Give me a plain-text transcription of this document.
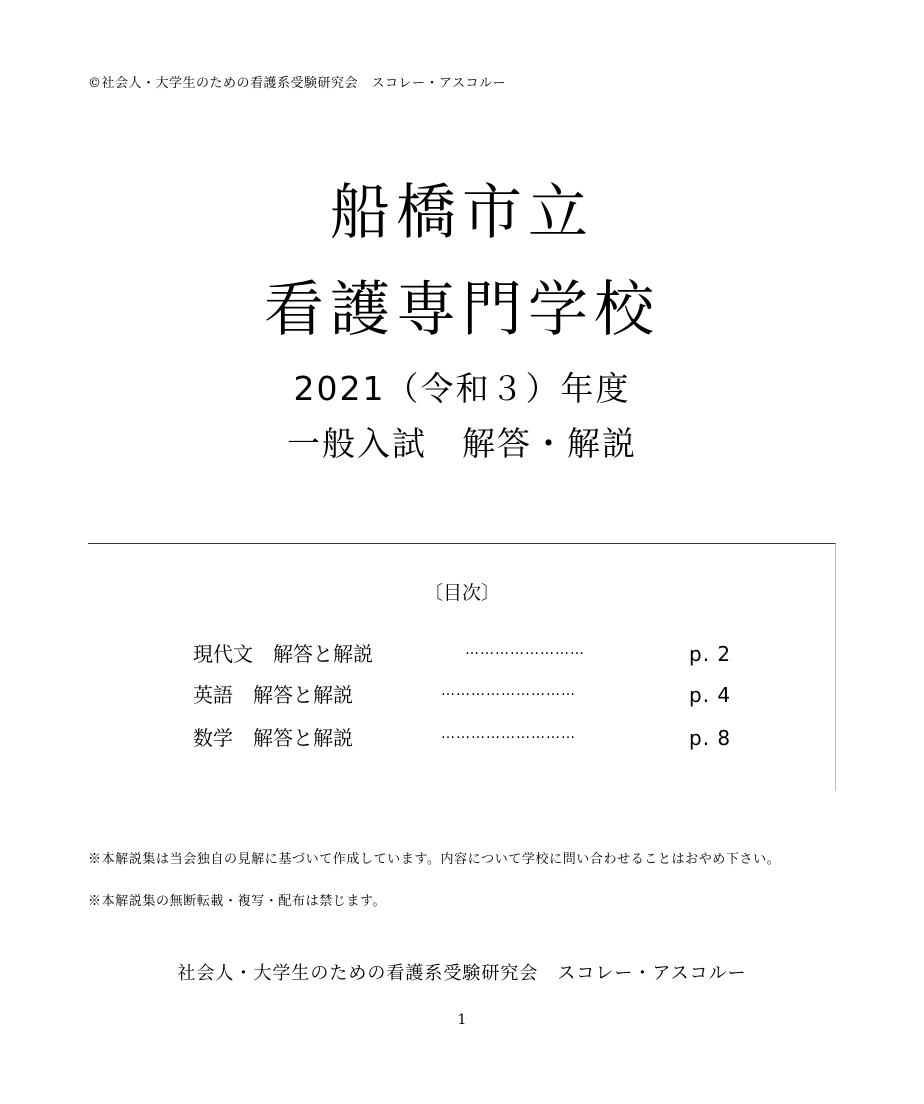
©社会人・大学生のための看護系受験研究会　スコレー・アスコルー
船橋市立
看護専門学校
2021（令和３）年度
一般入試　解答・解説
〔目次〕
現代文　解答と解説	……………………	p. 2
英語　解答と解説	………………………	p. 4
数学　解答と解説	………………………	p. 8
※本解説集は当会独自の見解に基づいて作成しています。内容について学校に問い合わせることはおやめ下さい。
※本解説集の無断転載・複写・配布は禁じます。
社会人・大学生のための看護系受験研究会　スコレー・アスコルー
1
